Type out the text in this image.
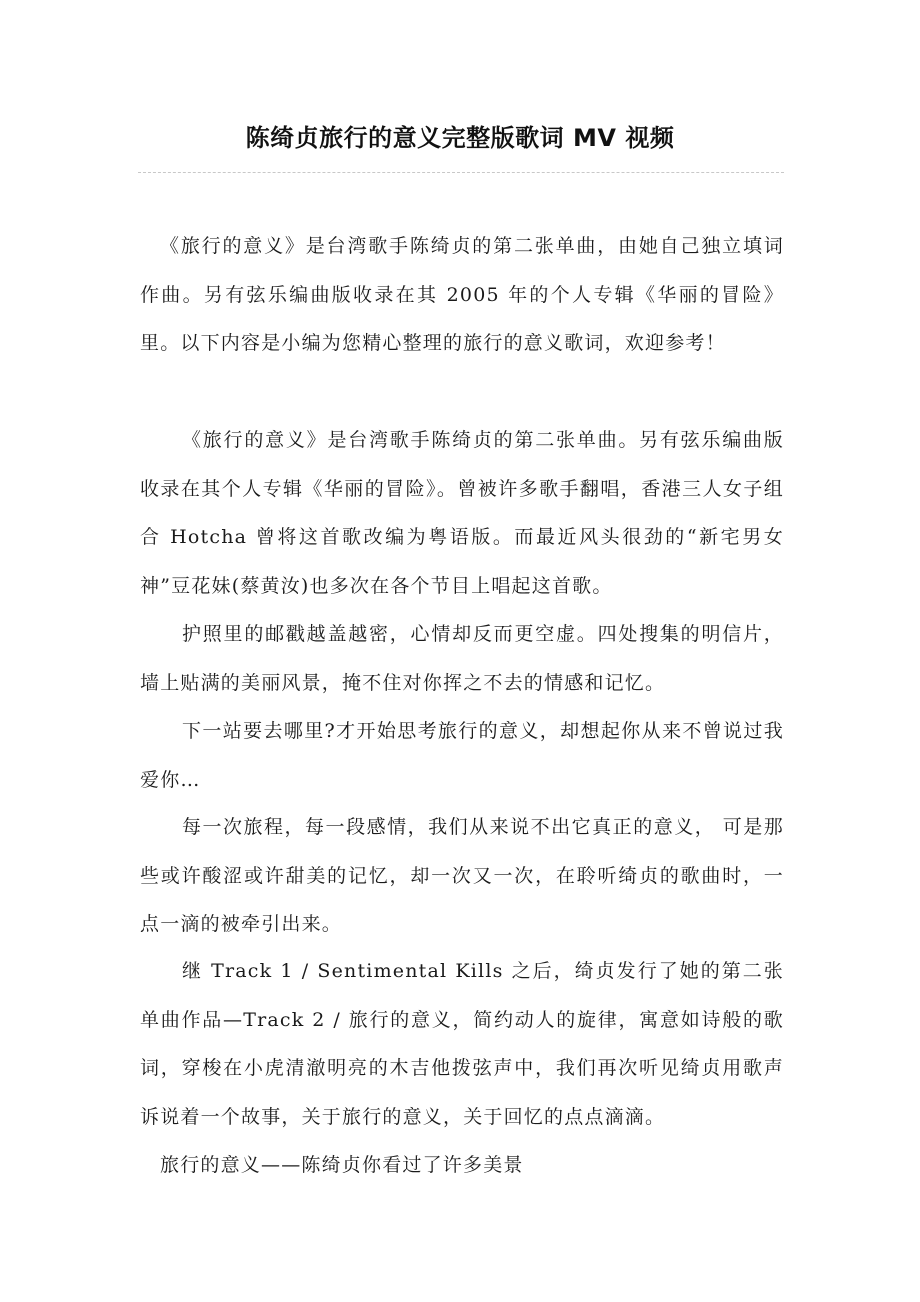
陈绮贞旅行的意义完整版歌词 MV 视频

《旅行的意义》是台湾歌手陈绮贞的第二张单曲，由她自己独立填词作曲。另有弦乐编曲版收录在其 2005 年的个人专辑《华丽的冒险》里。以下内容是小编为您精心整理的旅行的意义歌词，欢迎参考！

《旅行的意义》是台湾歌手陈绮贞的第二张单曲。另有弦乐编曲版收录在其个人专辑《华丽的冒险》。曾被许多歌手翻唱，香港三人女子组合 Hotcha 曾将这首歌改编为粤语版。而最近风头很劲的“新宅男女神”豆花妹(蔡黄汝)也多次在各个节目上唱起这首歌。

护照里的邮戳越盖越密，心情却反而更空虚。四处搜集的明信片，墙上贴满的美丽风景，掩不住对你挥之不去的情感和记忆。

下一站要去哪里?才开始思考旅行的意义，却想起你从来不曾说过我爱你…

每一次旅程，每一段感情，我们从来说不出它真正的意义， 可是那些或许酸涩或许甜美的记忆，却一次又一次，在聆听绮贞的歌曲时，一点一滴的被牵引出来。

继 Track 1 / Sentimental Kills 之后，绮贞发行了她的第二张单曲作品—Track 2 / 旅行的意义，简约动人的旋律，寓意如诗般的歌词，穿梭在小虎清澈明亮的木吉他拨弦声中，我们再次听见绮贞用歌声诉说着一个故事，关于旅行的意义，关于回忆的点点滴滴。

旅行的意义——陈绮贞你看过了许多美景
